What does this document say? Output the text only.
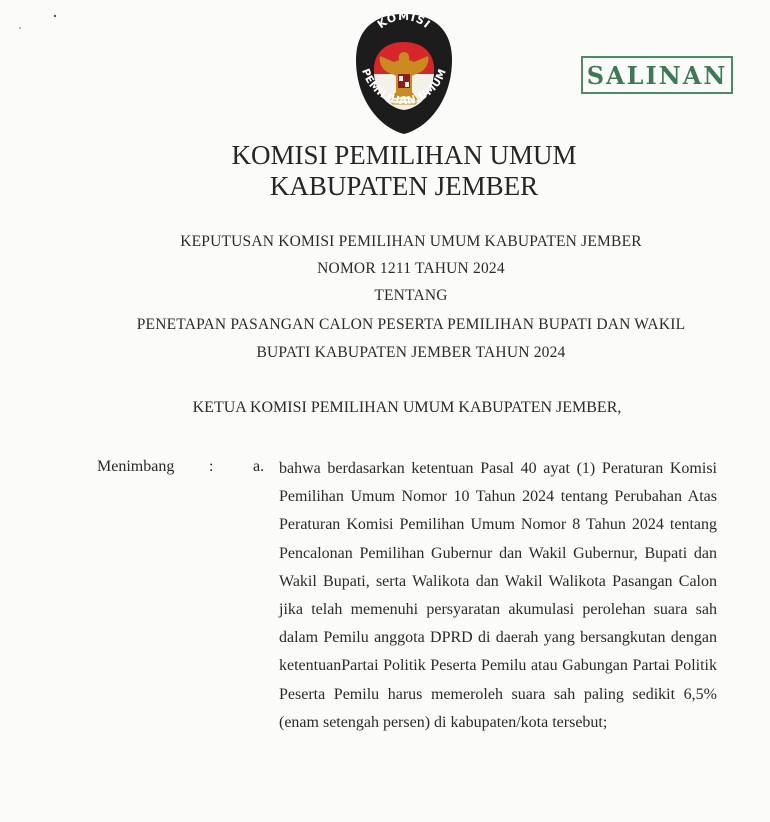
KOMISI
PEMILIHAN UMUM	SALINAN
KOMISI PEMILIHAN UMUM
KABUPATEN JEMBER
KEPUTUSAN KOMISI PEMILIHAN UMUM KABUPATEN JEMBER
NOMOR 1211 TAHUN 2024
TENTANG
PENETAPAN PASANGAN CALON PESERTA PEMILIHAN BUPATI DAN WAKIL
BUPATI KABUPATEN JEMBER TAHUN 2024
KETUA KOMISI PEMILIHAN UMUM KABUPATEN JEMBER,
Menimbang : a. bahwa berdasarkan ketentuan Pasal 40 ayat (1) Peraturan Komisi Pemilihan Umum Nomor 10 Tahun 2024 tentang Perubahan Atas Peraturan Komisi Pemilihan Umum Nomor 8 Tahun 2024 tentang Pencalonan Pemilihan Gubernur dan Wakil Gubernur, Bupati dan Wakil Bupati, serta Walikota dan Wakil Walikota Pasangan Calon jika telah memenuhi persyaratan akumulasi perolehan suara sah dalam Pemilu anggota DPRD di daerah yang bersangkutan dengan ketentuanPartai Politik Peserta Pemilu atau Gabungan Partai Politik Peserta Pemilu harus memeroleh suara sah paling sedikit 6,5% (enam setengah persen) di kabupaten/kota tersebut;
